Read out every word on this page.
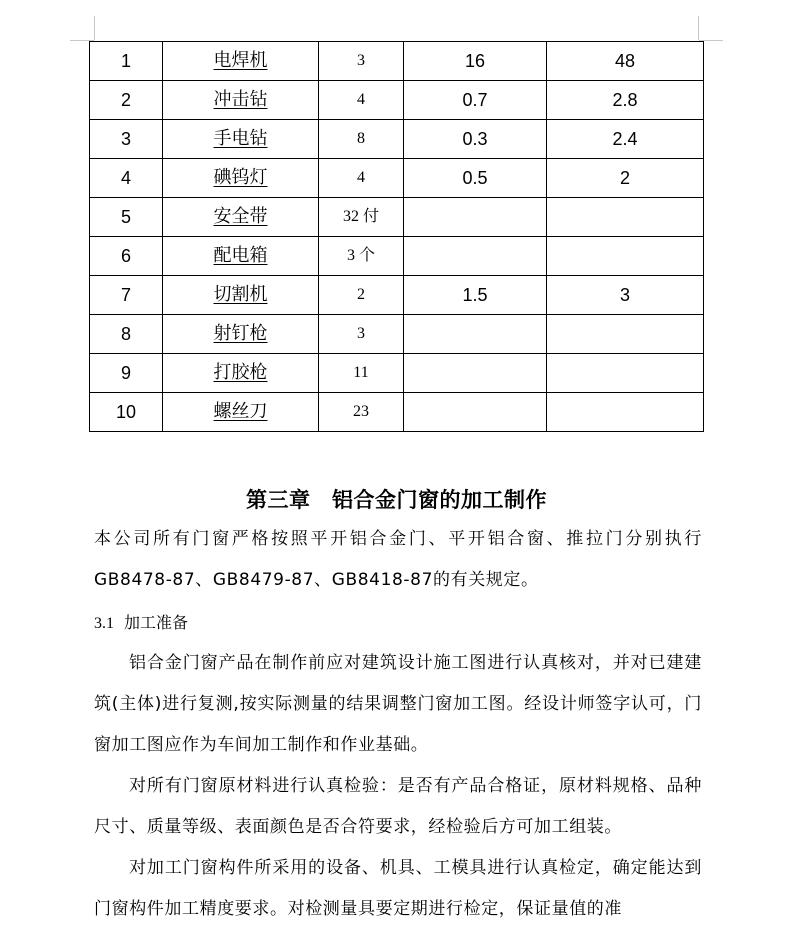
1	电焊机	3	16	48
2	冲击钻	4	0.7	2.8
3	手电钻	8	0.3	2.4
4	碘钨灯	4	0.5	2
5	安全带	32 付		
6	配电箱	3 个		
7	切割机	2	1.5	3
8	射钉枪	3		
9	打胶枪	11		
10	螺丝刀	23		
第三章　铝合金门窗的加工制作
本公司所有门窗严格按照平开铝合金门、平开铝合窗、推拉门分别执行GB8478-87、GB8479-87、GB8418-87的有关规定。
3.1 加工准备
铝合金门窗产品在制作前应对建筑设计施工图进行认真核对，并对已建建筑(主体)进行复测,按实际测量的结果调整门窗加工图。经设计师签字认可，门窗加工图应作为车间加工制作和作业基础。
对所有门窗原材料进行认真检验：是否有产品合格证，原材料规格、品种尺寸、质量等级、表面颜色是否合符要求，经检验后方可加工组装。
对加工门窗构件所采用的设备、机具、工模具进行认真检定，确定能达到门窗构件加工精度要求。对检测量具要定期进行检定，保证量值的准
